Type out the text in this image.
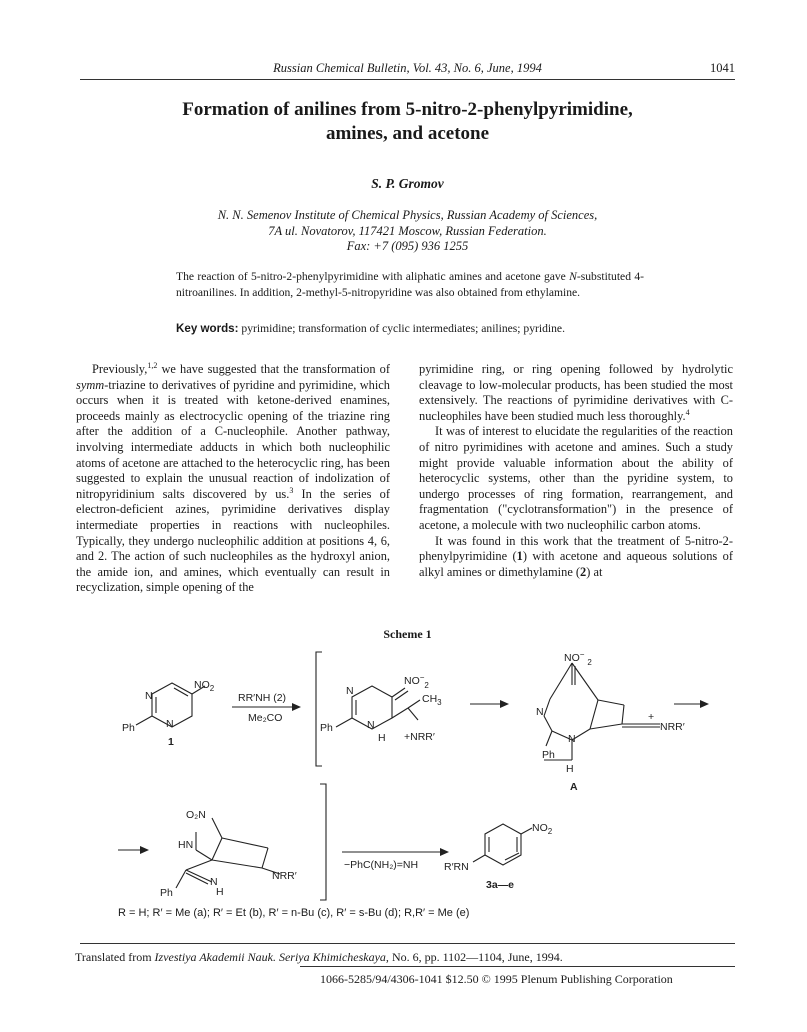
Russian Chemical Bulletin, Vol. 43, No. 6, June, 1994	1041
Formation of anilines from 5-nitro-2-phenylpyrimidine,
amines, and acetone
S. P. Gromov
N. N. Semenov Institute of Chemical Physics, Russian Academy of Sciences,
7A ul. Novatorov, 117421 Moscow, Russian Federation.
Fax: +7 (095) 936 1255
The reaction of 5-nitro-2-phenylpyrimidine with aliphatic amines and acetone gave N-substituted 4-nitroanilines. In addition, 2-methyl-5-nitropyridine was also obtained from ethylamine.
Key words: pyrimidine; transformation of cyclic intermediates; anilines; pyridine.

Previously,$^{1,2}$ we have suggested that the transformation of symm-triazine to derivatives of pyridine and pyrimidine, which occurs when it is treated with ketone-derived enamines, proceeds mainly as electrocyclic opening of the triazine ring after the addition of a C-nucleophile. Another pathway, involving intermediate adducts in which both nucleophilic atoms of acetone are attached to the heterocyclic ring, has been suggested to explain the unusual reaction of indolization of nitropyridinium salts discovered by us.$^3$ In the series of electron-deficient azines, pyrimidine derivatives display intermediate properties in reactions with nucleophiles. Typically, they undergo nucleophilic addition at positions 4, 6, and 2. The action of such nucleophiles as the hydroxyl anion, the amide ion, and amines, which eventually can result in recyclization, simple opening of the

pyrimidine ring, or ring opening followed by hydrolytic cleavage to low-molecular products, has been studied the most extensively. The reactions of pyrimidine derivatives with C-nucleophiles have been studied much less thoroughly.$^4$

It was of interest to elucidate the regularities of the reaction of nitro pyrimidines with acetone and amines. Such a study might provide valuable information about the ability of heterocyclic systems, other than the pyridine system, to undergo processes of ring formation, rearrangement, and fragmentation ("cyclotransformation") in the presence of acetone, a molecule with two nucleophilic carbon atoms.

It was found in this work that the treatment of 5-nitro-2-phenylpyrimidine (1) with acetone and aqueous solutions of alkyl amines or dimethylamine (2) at

Scheme 1
$NO_2$
N
N
Ph
1
RR′NH (2)
Me₂CO
$NO^-_2$
$CH_3$
N
N
Ph
H +NRR′
$NO^-_2$
N
N
Ph
H
+
NRR′
A
O₂N
HN
Ph
N
H
NRR′
−PhC(NH₂)=NH
$NO_2$
R′RN
3a—e
R = H; R′ = Me (a); R′ = Et (b), R′ = n-Bu (c), R′ = s-Bu (d); R,R′ = Me (e)
Translated from Izvestiya Akademii Nauk. Seriya Khimicheskaya, No. 6, pp. 1102—1104, June, 1994.
1066-5285/94/4306-1041 $12.50 © 1995 Plenum Publishing Corporation
